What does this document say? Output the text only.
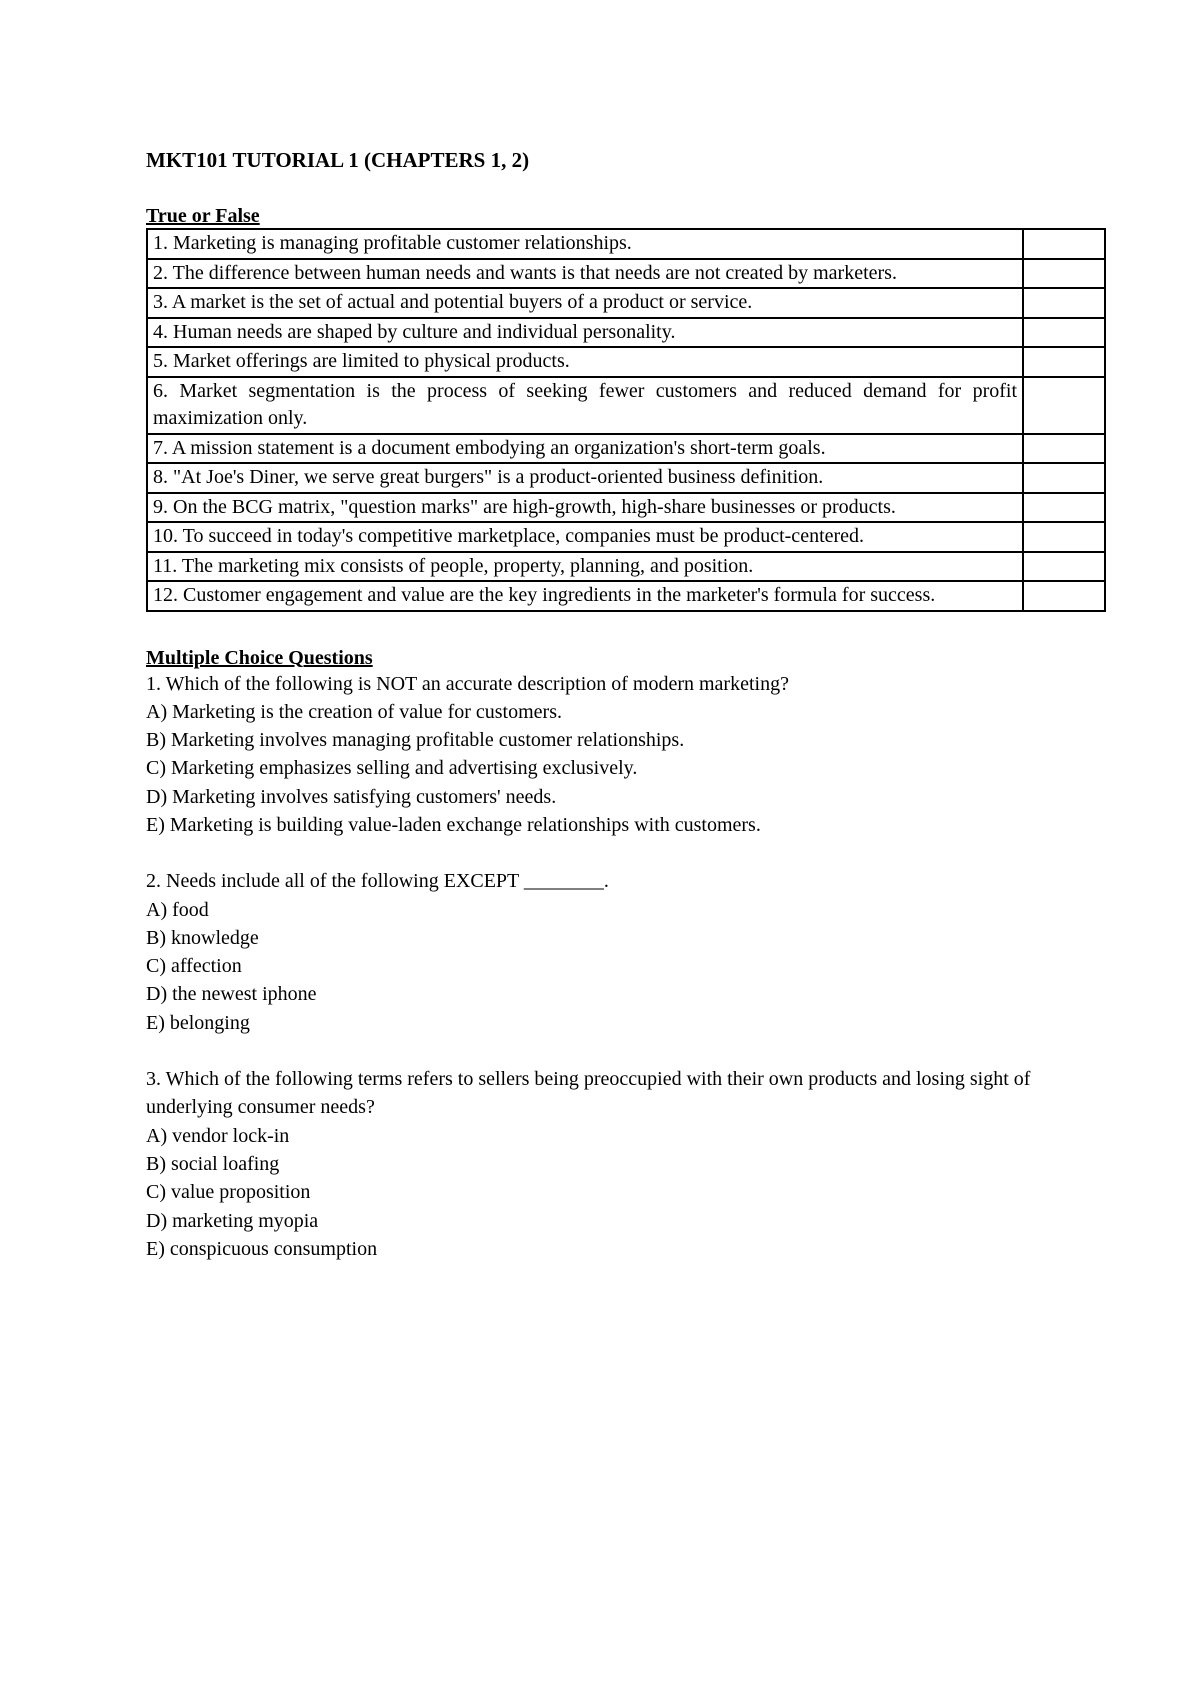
MKT101 TUTORIAL 1 (CHAPTERS 1, 2)
True or False
1. Marketing is managing profitable customer relationships.	
2. The difference between human needs and wants is that needs are not created by marketers.	
3. A market is the set of actual and potential buyers of a product or service.	
4. Human needs are shaped by culture and individual personality.	
5. Market offerings are limited to physical products.	
6. Market segmentation is the process of seeking fewer customers and reduced demand for profit maximization only.	
7. A mission statement is a document embodying an organization's short-term goals.	
8. "At Joe's Diner, we serve great burgers" is a product-oriented business definition.	
9. On the BCG matrix, "question marks" are high-growth, high-share businesses or products.	
10. To succeed in today's competitive marketplace, companies must be product-centered.	
11. The marketing mix consists of people, property, planning, and position.	
12. Customer engagement and value are the key ingredients in the marketer's formula for success.	
Multiple Choice Questions
1. Which of the following is NOT an accurate description of modern marketing?
A) Marketing is the creation of value for customers.
B) Marketing involves managing profitable customer relationships.
C) Marketing emphasizes selling and advertising exclusively.
D) Marketing involves satisfying customers' needs.
E) Marketing is building value-laden exchange relationships with customers.
2. Needs include all of the following EXCEPT ________.
A) food
B) knowledge
C) affection
D) the newest iphone
E) belonging
3. Which of the following terms refers to sellers being preoccupied with their own products and losing sight of underlying consumer needs?
A) vendor lock-in
B) social loafing
C) value proposition
D) marketing myopia
E) conspicuous consumption
